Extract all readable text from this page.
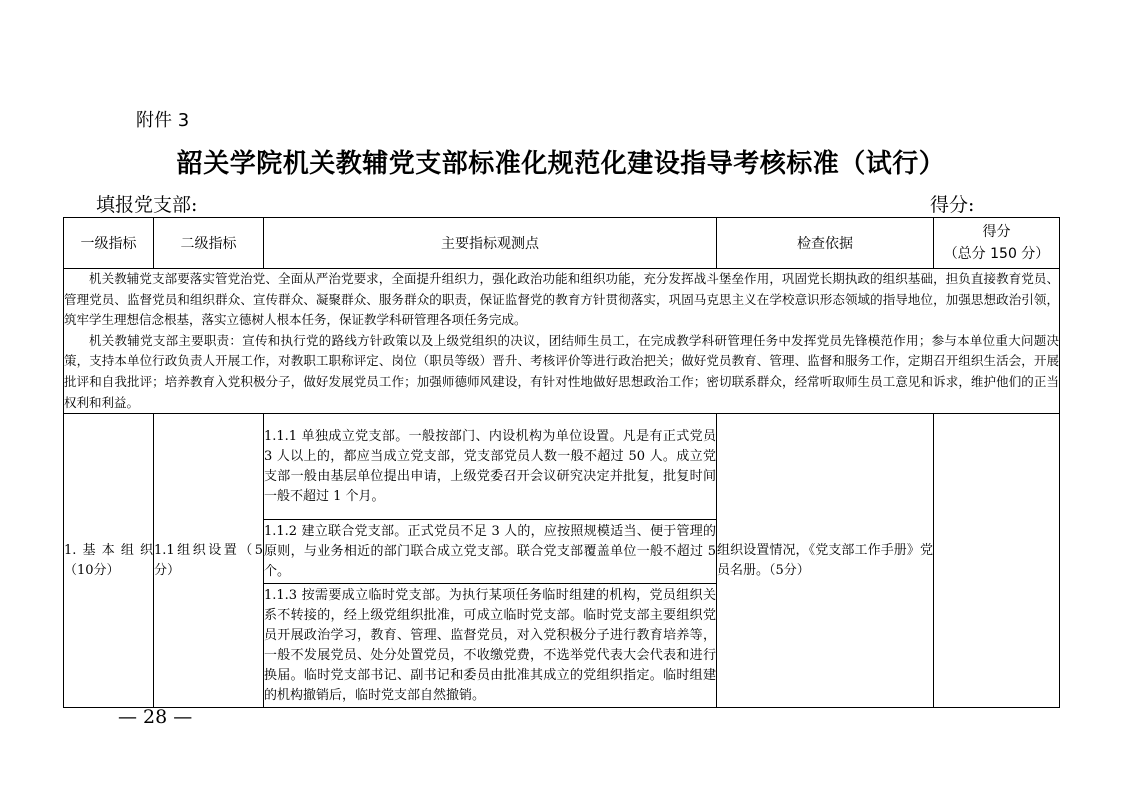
附件 3
韶关学院机关教辅党支部标准化规范化建设指导考核标准（试行）
填报党支部:	得分:
一级指标	二级指标	主要指标观测点	检查依据	得分
（总分 150 分）

机关教辅党支部要落实管党治党、全面从严治党要求，全面提升组织力，强化政治功能和组织功能，充分发挥战斗堡垒作用，巩固党长期执政的组织基础，担负直接教育党员、管理党员、监督党员和组织群众、宣传群众、凝聚群众、服务群众的职责，保证监督党的教育方针贯彻落实，巩固马克思主义在学校意识形态领域的指导地位，加强思想政治引领，筑牢学生理想信念根基，落实立德树人根本任务，保证教学科研管理各项任务完成。

机关教辅党支部主要职责：宣传和执行党的路线方针政策以及上级党组织的决议，团结师生员工，在完成教学科研管理任务中发挥党员先锋模范作用；参与本单位重大问题决策，支持本单位行政负责人开展工作，对教职工职称评定、岗位（职员等级）晋升、考核评价等进行政治把关；做好党员教育、管理、监督和服务工作，定期召开组织生活会，开展批评和自我批评；培养教育入党积极分子，做好发展党员工作；加强师德师风建设，有针对性地做好思想政治工作；密切联系群众，经常听取师生员工意见和诉求，维护他们的正当权利和利益。				

1.基本组织（10分）	1.1组织设置（5分）	1.1.1 单独成立党支部。一般按部门、内设机构为单位设置。凡是有正式党员 3 人以上的，都应当成立党支部，党支部党员人数一般不超过 50 人。成立党支部一般由基层单位提出申请，上级党委召开会议研究决定并批复，批复时间一般不超过 1 个月。	组织设置情况，《党支部工作手册》党员名册。（5分）	
		1.1.2 建立联合党支部。正式党员不足 3 人的，应按照规模适当、便于管理的原则，与业务相近的部门联合成立党支部。联合党支部覆盖单位一般不超过 5 个。		
		1.1.3 按需要成立临时党支部。为执行某项任务临时组建的机构，党员组织关系不转接的，经上级党组织批准，可成立临时党支部。临时党支部主要组织党员开展政治学习，教育、管理、监督党员，对入党积极分子进行教育培养等，一般不发展党员、处分处置党员，不收缴党费，不选举党代表大会代表和进行换届。临时党支部书记、副书记和委员由批准其成立的党组织指定。临时组建的机构撤销后，临时党支部自然撤销。		
— 28 —
